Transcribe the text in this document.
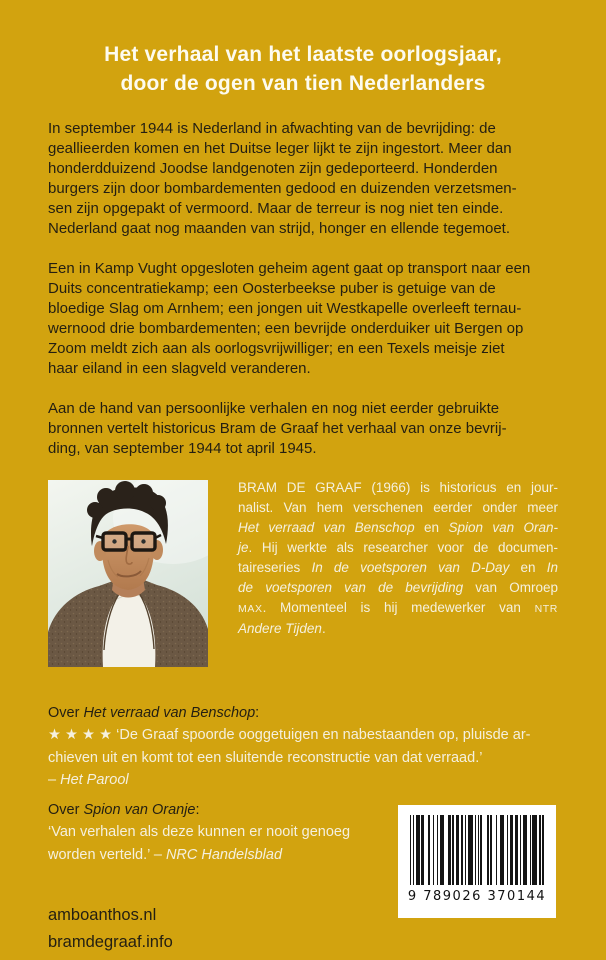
Het verhaal van het laatste oorlogsjaar,
door de ogen van tien Nederlanders
In september 1944 is Nederland in afwachting van de bevrijding: de
geallieerden komen en het Duitse leger lijkt te zijn ingestort. Meer dan
honderdduizend Joodse landgenoten zijn gedeporteerd. Honderden
burgers zijn door bombardementen gedood en duizenden verzetsmen-
sen zijn opgepakt of vermoord. Maar de terreur is nog niet ten einde.
Nederland gaat nog maanden van strijd, honger en ellende tegemoet.
Een in Kamp Vught opgesloten geheim agent gaat op transport naar een
Duits concentratiekamp; een Oosterbeekse puber is getuige van de
bloedige Slag om Arnhem; een jongen uit Westkapelle overleeft ternau-
wernood drie bombardementen; een bevrijde onderduiker uit Bergen op
Zoom meldt zich aan als oorlogsvrijwilliger; en een Texels meisje ziet
haar eiland in een slagveld veranderen.
Aan de hand van persoonlijke verhalen en nog niet eerder gebruikte
bronnen vertelt historicus Bram de Graaf het verhaal van onze bevrij-
ding, van september 1944 tot april 1945.
BRAM DE GRAAF (1966) is historicus en jour-
nalist. Van hem verschenen eerder onder meer
Het verraad van Benschop en Spion van Oran-
je. Hij werkte als researcher voor de documen-
taireseries In de voetsporen van D-Day en In
de voetsporen van de bevrijding van Omroep
MAX. Momenteel is hij medewerker van NTR
Andere Tijden.
Over Het verraad van Benschop:
★ ★ ★ ★ ‘De Graaf spoorde ooggetuigen en nabestaanden op, pluisde ar-
chieven uit en komt tot een sluitende reconstructie van dat verraad.’
– Het Parool
Over Spion van Oranje:
‘Van verhalen als deze kunnen er nooit genoeg
worden verteld.’ – NRC Handelsblad
9 789026 370144
amboanthos.nl
bramdegraaf.info
